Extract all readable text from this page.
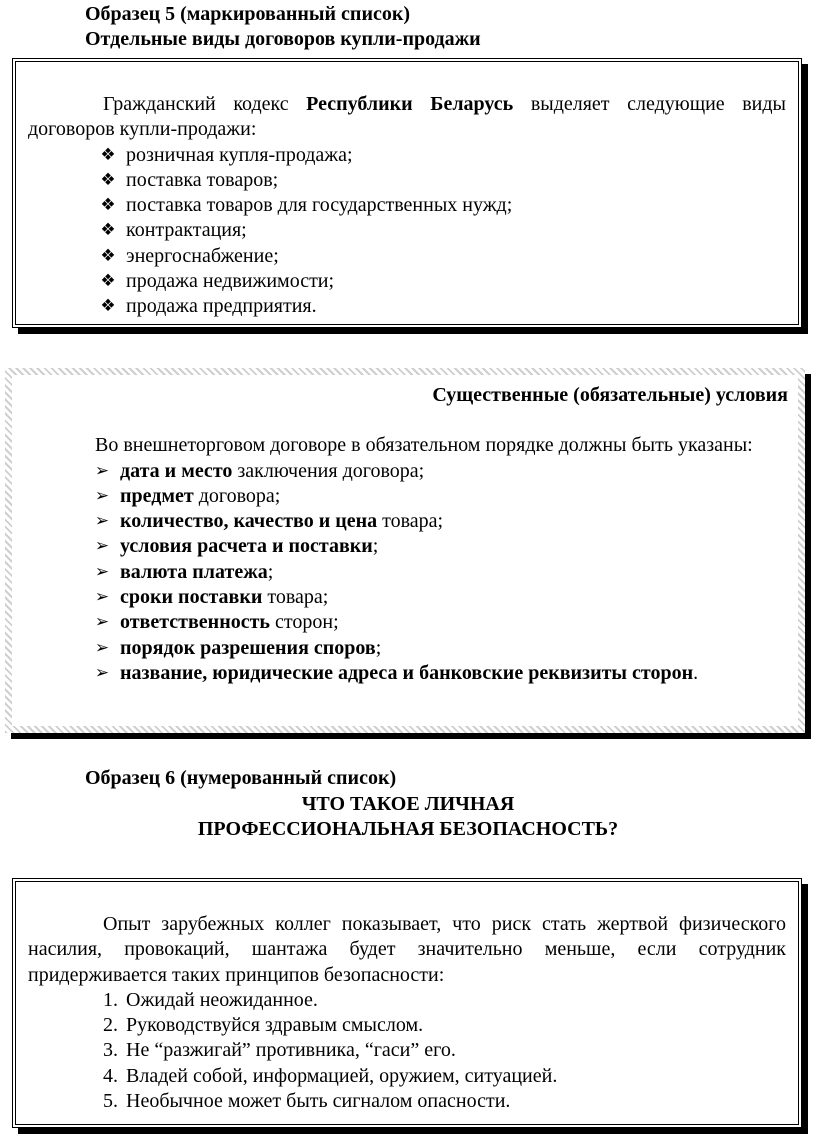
Образец 5 (маркированный список)

Отдельные виды договоров купли-продажи

Гражданский кодекс Республики Беларусь выделяет следующие виды договоров купли-продажи:

❖ розничная купля-продажа;
❖ поставка товаров;
❖ поставка товаров для государственных нужд;
❖ контрактация;
❖ энергоснабжение;
❖ продажа недвижимости;
❖ продажа предприятия.

Существенные (обязательные) условия

Во внешнеторговом договоре в обязательном порядке должны быть указаны:

➢ дата и место заключения договора;
➢ предмет договора;
➢ количество, качество и цена товара;
➢ условия расчета и поставки;
➢ валюта платежа;
➢ сроки поставки товара;
➢ ответственность сторон;
➢ порядок разрешения споров;
➢ название, юридические адреса и банковские реквизиты сторон.

Образец 6 (нумерованный список)

ЧТО ТАКОЕ ЛИЧНАЯ

ПРОФЕССИОНАЛЬНАЯ БЕЗОПАСНОСТЬ?

Опыт зарубежных коллег показывает, что риск стать жертвой физического насилия, провокаций, шантажа будет значительно меньше, если сотрудник придерживается таких принципов безопасности:

1. Ожидай неожиданное.
2. Руководствуйся здравым смыслом.
3. Не “разжигай” противника, “гаси” его.
4. Владей собой, информацией, оружием, ситуацией.
5. Необычное может быть сигналом опасности.
